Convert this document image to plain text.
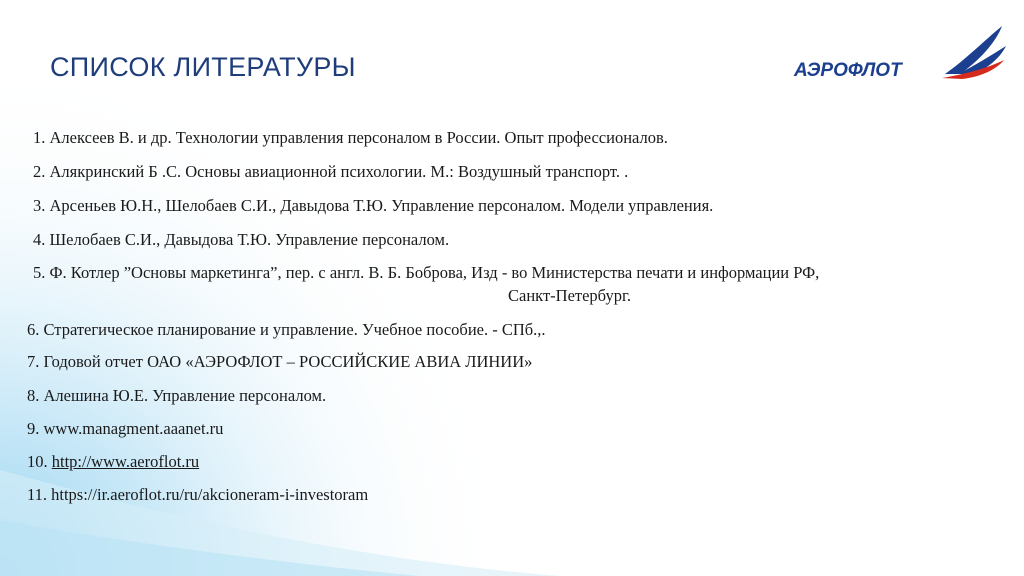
СПИСОК ЛИТЕРАТУРЫ	АЭРОФЛОТ
1. Алексеев В. и др. Технологии управления персоналом в России. Опыт профессионалов.
2. Алякринский Б .С. Основы авиационной психологии. М.: Воздушный транспорт. .
3. Арсеньев Ю.Н., Шелобаев С.И., Давыдова Т.Ю. Управление персоналом. Модели управления.
4. Шелобаев С.И., Давыдова Т.Ю. Управление персоналом.
5. Ф. Котлер ”Основы маркетинга”, пер. с англ. В. Б. Боброва, Изд - во Министерства печати и информации РФ,
Санкт-Петербург.
6. Стратегическое планирование и управление. Учебное пособие. - СПб.,.
7. Годовой отчет ОАО «АЭРОФЛОТ – РОССИЙСКИЕ АВИА ЛИНИИ»
8. Алешина Ю.Е. Управление персоналом.
9. www.managment.aaanet.ru
10. http://www.aeroflot.ru
11. https://ir.aeroflot.ru/ru/akcioneram-i-investoram
